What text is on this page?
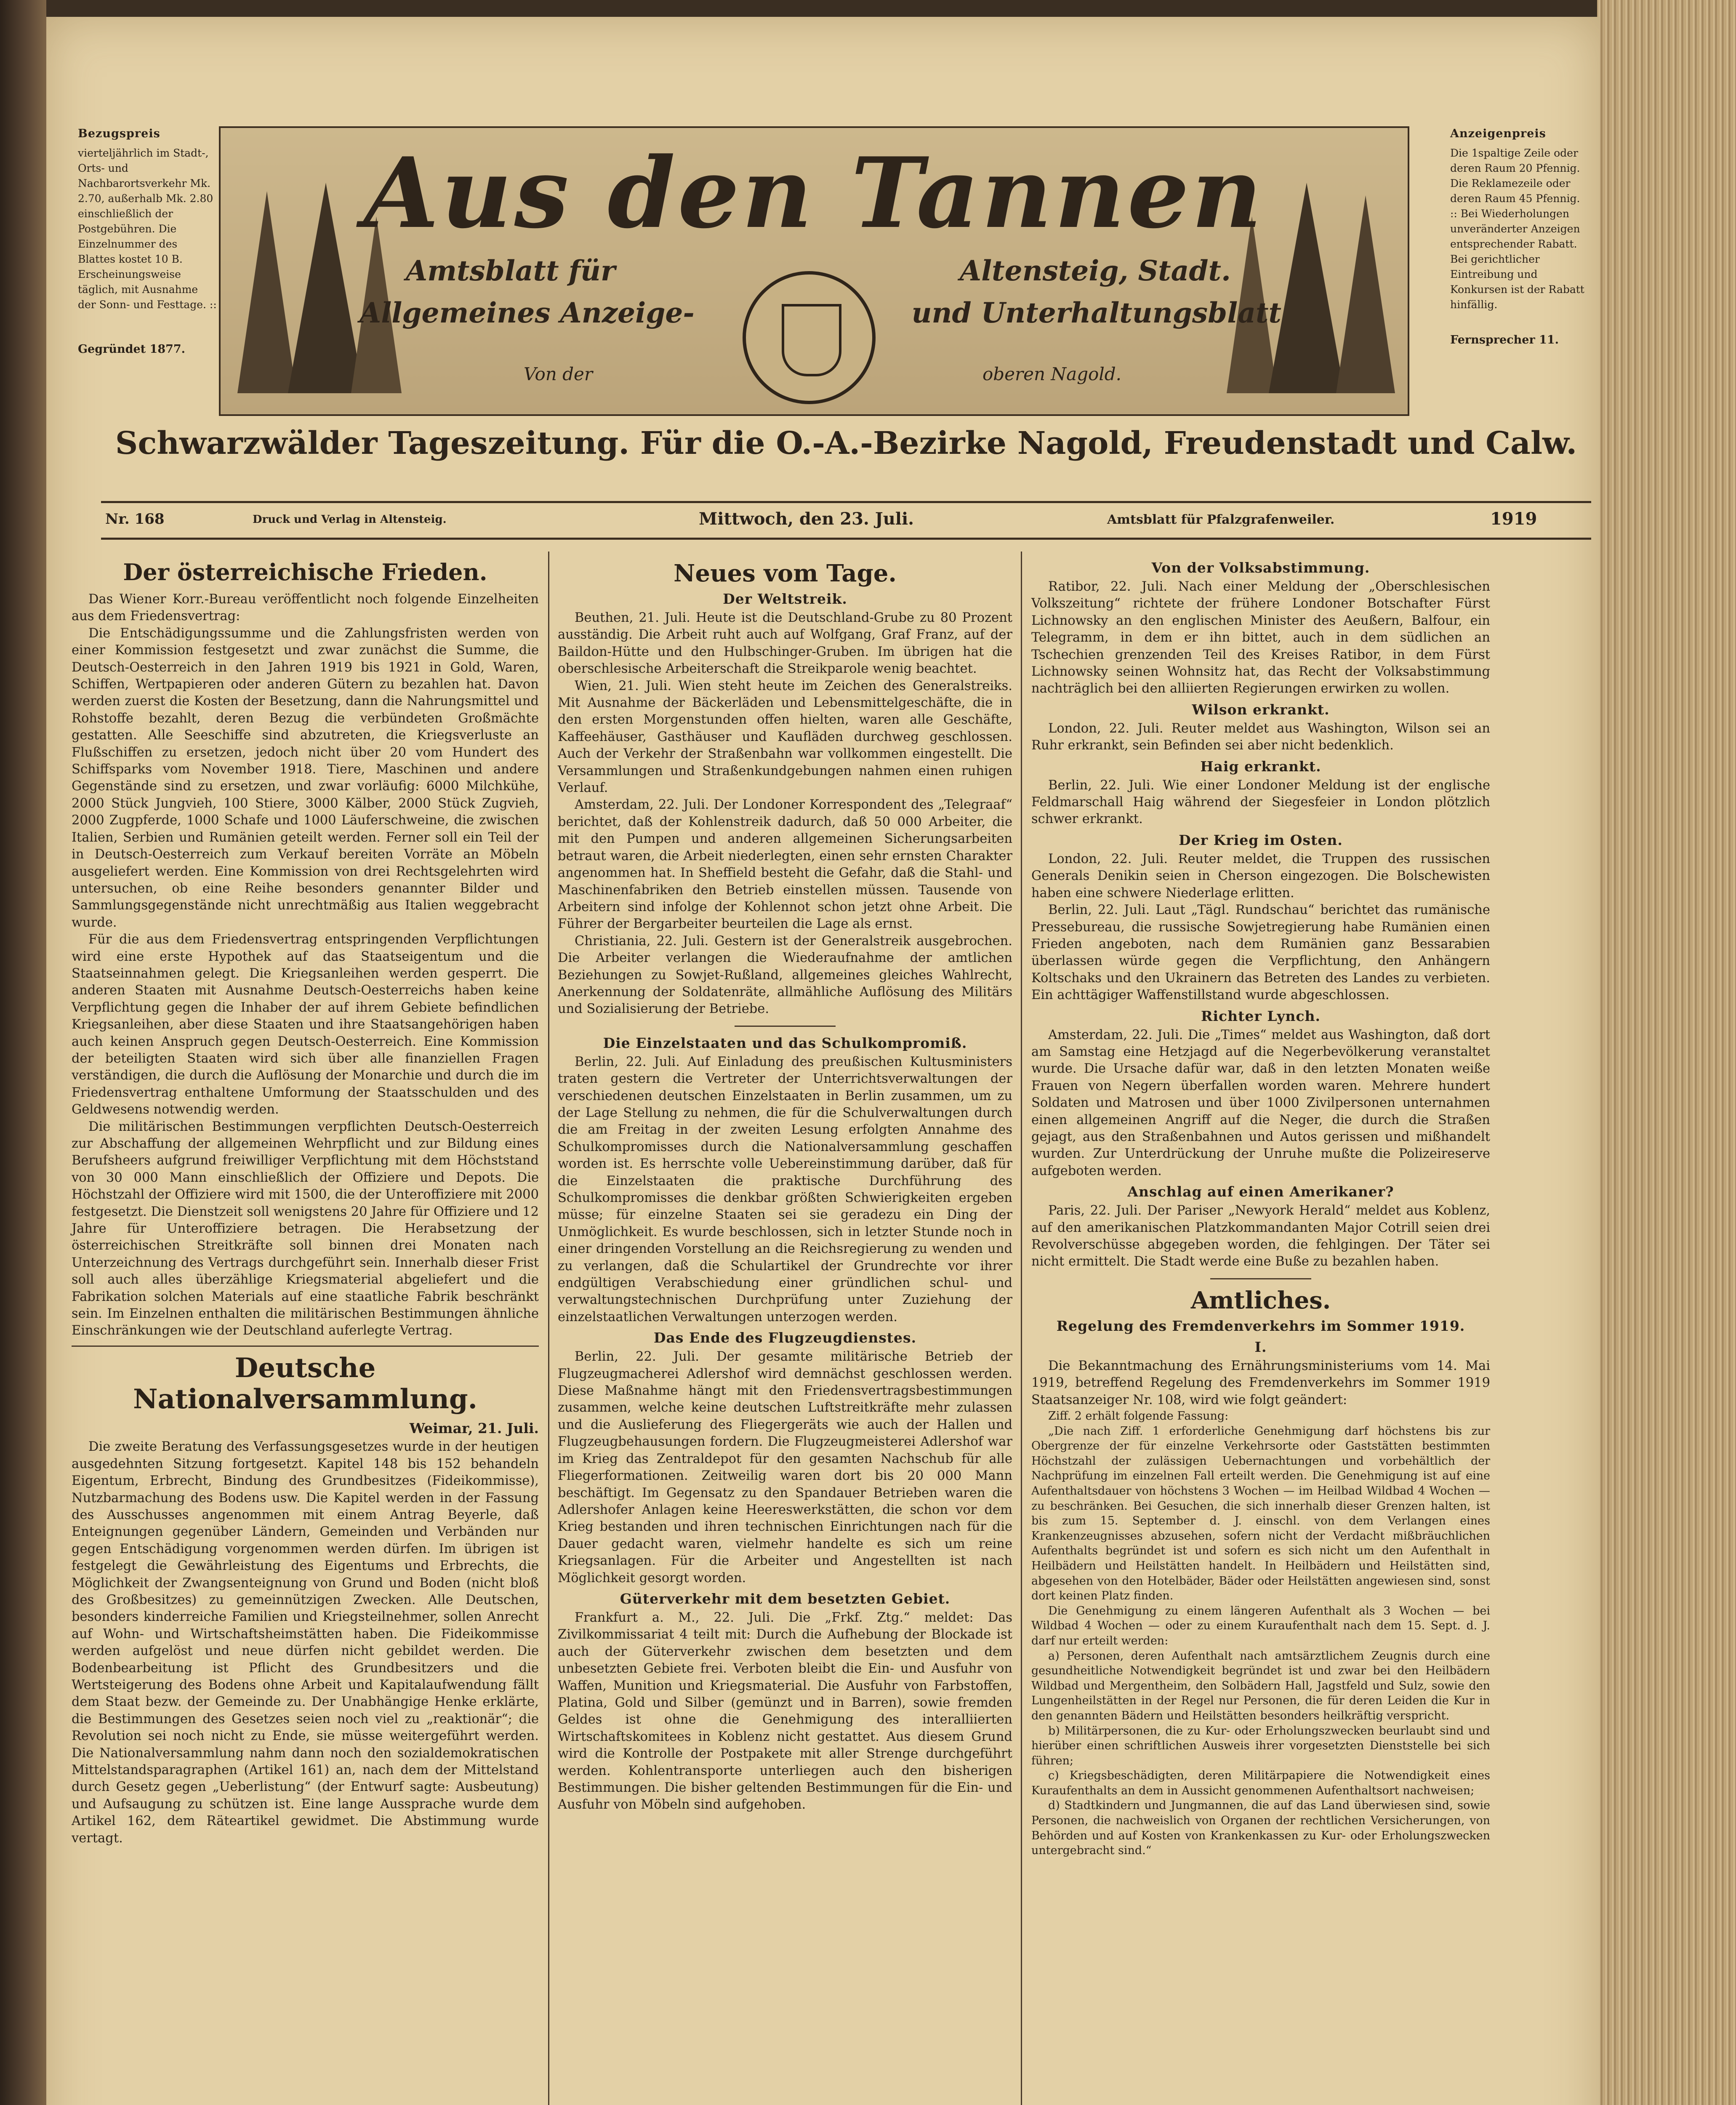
Bezugspreis
vierteljährlich im Stadt-, Orts- und Nachbarortsverkehr Mk. 2.70, außerhalb Mk. 2.80 einschließlich der Postgebühren. Die Einzelnummer des Blattes kostet 10 B. Erscheinungsweise täglich, mit Ausnahme der Sonn- und Festtage. ::
Gegründet 1877.
Anzeigenpreis
Die 1spaltige Zeile oder deren Raum 20 Pfennig. Die Reklamezeile oder deren Raum 45 Pfennig. :: Bei Wiederholungen unveränderter Anzeigen entsprechender Rabatt. Bei gerichtlicher Eintreibung und Konkursen ist der Rabatt hinfällig.
Fernsprecher 11.
Aus den Tannen
Amtsblatt für	Altensteig, Stadt.
Allgemeines Anzeige-	und Unterhaltungsblatt
Von der	oberen Nagold.
Schwarzwälder Tageszeitung. Für die O.-A.-Bezirke Nagold, Freudenstadt und Calw.
Nr. 168	Druck und Verlag in Altensteig.	Mittwoch, den 23. Juli.	Amtsblatt für Pfalzgrafenweiler.	1919
Der österreichische Frieden.

Das Wiener Korr.-Bureau veröffentlicht noch folgende Einzelheiten aus dem Friedensvertrag:

Die Entschädigungssumme und die Zahlungsfristen werden von einer Kommission festgesetzt und zwar zunächst die Summe, die Deutsch-Oesterreich in den Jahren 1919 bis 1921 in Gold, Waren, Schiffen, Wertpapieren oder anderen Gütern zu bezahlen hat. Davon werden zuerst die Kosten der Besetzung, dann die Nahrungsmittel und Rohstoffe bezahlt, deren Bezug die verbündeten Großmächte gestatten. Alle Seeschiffe sind abzutreten, die Kriegsverluste an Flußschiffen zu ersetzen, jedoch nicht über 20 vom Hundert des Schiffsparks vom November 1918. Tiere, Maschinen und andere Gegenstände sind zu ersetzen, und zwar vorläufig: 6000 Milchkühe, 2000 Stück Jungvieh, 100 Stiere, 3000 Kälber, 2000 Stück Zugvieh, 2000 Zugpferde, 1000 Schafe und 1000 Läuferschweine, die zwischen Italien, Serbien und Rumänien geteilt werden. Ferner soll ein Teil der in Deutsch-Oesterreich zum Verkauf bereiten Vorräte an Möbeln ausgeliefert werden. Eine Kommission von drei Rechtsgelehrten wird untersuchen, ob eine Reihe besonders genannter Bilder und Sammlungsgegenstände nicht unrechtmäßig aus Italien weggebracht wurde.

Für die aus dem Friedensvertrag entspringenden Verpflichtungen wird eine erste Hypothek auf das Staatseigentum und die Staatseinnahmen gelegt. Die Kriegsanleihen werden gesperrt. Die anderen Staaten mit Ausnahme Deutsch-Oesterreichs haben keine Verpflichtung gegen die Inhaber der auf ihrem Gebiete befindlichen Kriegsanleihen, aber diese Staaten und ihre Staatsangehörigen haben auch keinen Anspruch gegen Deutsch-Oesterreich. Eine Kommission der beteiligten Staaten wird sich über alle finanziellen Fragen verständigen, die durch die Auflösung der Monarchie und durch die im Friedensvertrag enthaltene Umformung der Staatsschulden und des Geldwesens notwendig werden.

Die militärischen Bestimmungen verpflichten Deutsch-Oesterreich zur Abschaffung der allgemeinen Wehrpflicht und zur Bildung eines Berufsheers aufgrund freiwilliger Verpflichtung mit dem Höchststand von 30 000 Mann einschließlich der Offiziere und Depots. Die Höchstzahl der Offiziere wird mit 1500, die der Unteroffiziere mit 2000 festgesetzt. Die Dienstzeit soll wenigstens 20 Jahre für Offiziere und 12 Jahre für Unteroffiziere betragen. Die Herabsetzung der österreichischen Streitkräfte soll binnen drei Monaten nach Unterzeichnung des Vertrags durchgeführt sein. Innerhalb dieser Frist soll auch alles überzählige Kriegsmaterial abgeliefert und die Fabrikation solchen Materials auf eine staatliche Fabrik beschränkt sein. Im Einzelnen enthalten die militärischen Bestimmungen ähnliche Einschränkungen wie der Deutschland auferlegte Vertrag.

Deutsche Nationalversammlung.
Weimar, 21. Juli.

Die zweite Beratung des Verfassungsgesetzes wurde in der heutigen ausgedehnten Sitzung fortgesetzt. Kapitel 148 bis 152 behandeln Eigentum, Erbrecht, Bindung des Grundbesitzes (Fideikommisse), Nutzbarmachung des Bodens usw. Die Kapitel werden in der Fassung des Ausschusses angenommen mit einem Antrag Beyerle, daß Enteignungen gegenüber Ländern, Gemeinden und Verbänden nur gegen Entschädigung vorgenommen werden dürfen. Im übrigen ist festgelegt die Gewährleistung des Eigentums und Erbrechts, die Möglichkeit der Zwangsenteignung von Grund und Boden (nicht bloß des Großbesitzes) zu gemeinnützigen Zwecken. Alle Deutschen, besonders kinderreiche Familien und Kriegsteilnehmer, sollen Anrecht auf Wohn- und Wirtschaftsheimstätten haben. Die Fideikommisse werden aufgelöst und neue dürfen nicht gebildet werden. Die Bodenbearbeitung ist Pflicht des Grundbesitzers und die Wertsteigerung des Bodens ohne Arbeit und Kapitalaufwendung fällt dem Staat bezw. der Gemeinde zu. Der Unabhängige Henke erklärte, die Bestimmungen des Gesetzes seien noch viel zu „reaktionär“; die Revolution sei noch nicht zu Ende, sie müsse weitergeführt werden. Die Nationalversammlung nahm dann noch den sozialdemokratischen Mittelstandsparagraphen (Artikel 161) an, nach dem der Mittelstand durch Gesetz gegen „Ueberlistung“ (der Entwurf sagte: Ausbeutung) und Aufsaugung zu schützen ist. Eine lange Aussprache wurde dem Artikel 162, dem Räteartikel gewidmet. Die Abstimmung wurde vertagt.

Neues vom Tage.
Der Weltstreik.

Beuthen, 21. Juli. Heute ist die Deutschland-Grube zu 80 Prozent ausständig. Die Arbeit ruht auch auf Wolfgang, Graf Franz, auf der Baildon-Hütte und den Hulbschinger-Gruben. Im übrigen hat die oberschlesische Arbeiterschaft die Streikparole wenig beachtet.

Wien, 21. Juli. Wien steht heute im Zeichen des Generalstreiks. Mit Ausnahme der Bäckerläden und Lebensmittelgeschäfte, die in den ersten Morgenstunden offen hielten, waren alle Geschäfte, Kaffeehäuser, Gasthäuser und Kaufläden durchweg geschlossen. Auch der Verkehr der Straßenbahn war vollkommen eingestellt. Die Versammlungen und Straßenkundgebungen nahmen einen ruhigen Verlauf.

Amsterdam, 22. Juli. Der Londoner Korrespondent des „Telegraaf“ berichtet, daß der Kohlenstreik dadurch, daß 50 000 Arbeiter, die mit den Pumpen und anderen allgemeinen Sicherungsarbeiten betraut waren, die Arbeit niederlegten, einen sehr ernsten Charakter angenommen hat. In Sheffield besteht die Gefahr, daß die Stahl- und Maschinenfabriken den Betrieb einstellen müssen. Tausende von Arbeitern sind infolge der Kohlennot schon jetzt ohne Arbeit. Die Führer der Bergarbeiter beurteilen die Lage als ernst.

Christiania, 22. Juli. Gestern ist der Generalstreik ausgebrochen. Die Arbeiter verlangen die Wiederaufnahme der amtlichen Beziehungen zu Sowjet-Rußland, allgemeines gleiches Wahlrecht, Anerkennung der Soldatenräte, allmähliche Auflösung des Militärs und Sozialisierung der Betriebe.

Die Einzelstaaten und das Schulkompromiß.

Berlin, 22. Juli. Auf Einladung des preußischen Kultusministers traten gestern die Vertreter der Unterrichtsverwaltungen der verschiedenen deutschen Einzelstaaten in Berlin zusammen, um zu der Lage Stellung zu nehmen, die für die Schulverwaltungen durch die am Freitag in der zweiten Lesung erfolgten Annahme des Schulkompromisses durch die Nationalversammlung geschaffen worden ist. Es herrschte volle Uebereinstimmung darüber, daß für die Einzelstaaten die praktische Durchführung des Schulkompromisses die denkbar größten Schwierigkeiten ergeben müsse; für einzelne Staaten sei sie geradezu ein Ding der Unmöglichkeit. Es wurde beschlossen, sich in letzter Stunde noch in einer dringenden Vorstellung an die Reichsregierung zu wenden und zu verlangen, daß die Schulartikel der Grundrechte vor ihrer endgültigen Verabschiedung einer gründlichen schul- und verwaltungstechnischen Durchprüfung unter Zuziehung der einzelstaatlichen Verwaltungen unterzogen werden.

Das Ende des Flugzeugdienstes.

Berlin, 22. Juli. Der gesamte militärische Betrieb der Flugzeugmacherei Adlershof wird demnächst geschlossen werden. Diese Maßnahme hängt mit den Friedensvertragsbestimmungen zusammen, welche keine deutschen Luftstreitkräfte mehr zulassen und die Auslieferung des Fliegergeräts wie auch der Hallen und Flugzeugbehausungen fordern. Die Flugzeugmeisterei Adlershof war im Krieg das Zentraldepot für den gesamten Nachschub für alle Fliegerformationen. Zeitweilig waren dort bis 20 000 Mann beschäftigt. Im Gegensatz zu den Spandauer Betrieben waren die Adlershofer Anlagen keine Heereswerkstätten, die schon vor dem Krieg bestanden und ihren technischen Einrichtungen nach für die Dauer gedacht waren, vielmehr handelte es sich um reine Kriegsanlagen. Für die Arbeiter und Angestellten ist nach Möglichkeit gesorgt worden.

Güterverkehr mit dem besetzten Gebiet.

Frankfurt a. M., 22. Juli. Die „Frkf. Ztg.“ meldet: Das Zivilkommissariat 4 teilt mit: Durch die Aufhebung der Blockade ist auch der Güterverkehr zwischen dem besetzten und dem unbesetzten Gebiete frei. Verboten bleibt die Ein- und Ausfuhr von Waffen, Munition und Kriegsmaterial. Die Ausfuhr von Farbstoffen, Platina, Gold und Silber (gemünzt und in Barren), sowie fremden Geldes ist ohne die Genehmigung des interalliierten Wirtschaftskomitees in Koblenz nicht gestattet. Aus diesem Grund wird die Kontrolle der Postpakete mit aller Strenge durchgeführt werden. Kohlentransporte unterliegen auch den bisherigen Bestimmungen. Die bisher geltenden Bestimmungen für die Ein- und Ausfuhr von Möbeln sind aufgehoben.

Von der Volksabstimmung.

Ratibor, 22. Juli. Nach einer Meldung der „Oberschlesischen Volkszeitung“ richtete der frühere Londoner Botschafter Fürst Lichnowsky an den englischen Minister des Aeußern, Balfour, ein Telegramm, in dem er ihn bittet, auch in dem südlichen an Tschechien grenzenden Teil des Kreises Ratibor, in dem Fürst Lichnowsky seinen Wohnsitz hat, das Recht der Volksabstimmung nachträglich bei den alliierten Regierungen erwirken zu wollen.

Wilson erkrankt.

London, 22. Juli. Reuter meldet aus Washington, Wilson sei an Ruhr erkrankt, sein Befinden sei aber nicht bedenklich.

Haig erkrankt.

Berlin, 22. Juli. Wie einer Londoner Meldung ist der englische Feldmarschall Haig während der Siegesfeier in London plötzlich schwer erkrankt.

Der Krieg im Osten.

London, 22. Juli. Reuter meldet, die Truppen des russischen Generals Denikin seien in Cherson eingezogen. Die Bolschewisten haben eine schwere Niederlage erlitten.

Berlin, 22. Juli. Laut „Tägl. Rundschau“ berichtet das rumänische Pressebureau, die russische Sowjetregierung habe Rumänien einen Frieden angeboten, nach dem Rumänien ganz Bessarabien überlassen würde gegen die Verpflichtung, den Anhängern Koltschaks und den Ukrainern das Betreten des Landes zu verbieten. Ein achttägiger Waffenstillstand wurde abgeschlossen.

Richter Lynch.

Amsterdam, 22. Juli. Die „Times“ meldet aus Washington, daß dort am Samstag eine Hetzjagd auf die Negerbevölkerung veranstaltet wurde. Die Ursache dafür war, daß in den letzten Monaten weiße Frauen von Negern überfallen worden waren. Mehrere hundert Soldaten und Matrosen und über 1000 Zivilpersonen unternahmen einen allgemeinen Angriff auf die Neger, die durch die Straßen gejagt, aus den Straßenbahnen und Autos gerissen und mißhandelt wurden. Zur Unterdrückung der Unruhe mußte die Polizeireserve aufgeboten werden.

Anschlag auf einen Amerikaner?

Paris, 22. Juli. Der Pariser „Newyork Herald“ meldet aus Koblenz, auf den amerikanischen Platzkommandanten Major Cotrill seien drei Revolverschüsse abgegeben worden, die fehlgingen. Der Täter sei nicht ermittelt. Die Stadt werde eine Buße zu bezahlen haben.

Amtliches.
Regelung des Fremdenverkehrs im Sommer 1919.
I.

Die Bekanntmachung des Ernährungsministeriums vom 14. Mai 1919, betreffend Regelung des Fremdenverkehrs im Sommer 1919 Staatsanzeiger Nr. 108, wird wie folgt geändert:

Ziff. 2 erhält folgende Fassung:

„Die nach Ziff. 1 erforderliche Genehmigung darf höchstens bis zur Obergrenze der für einzelne Verkehrsorte oder Gaststätten bestimmten Höchstzahl der zulässigen Uebernachtungen und vorbehältlich der Nachprüfung im einzelnen Fall erteilt werden. Die Genehmigung ist auf eine Aufenthaltsdauer von höchstens 3 Wochen — im Heilbad Wildbad 4 Wochen — zu beschränken. Bei Gesuchen, die sich innerhalb dieser Grenzen halten, ist bis zum 15. September d. J. einschl. von dem Verlangen eines Krankenzeugnisses abzusehen, sofern nicht der Verdacht mißbräuchlichen Aufenthalts begründet ist und sofern es sich nicht um den Aufenthalt in Heilbädern und Heilstätten handelt. In Heilbädern und Heilstätten sind, abgesehen von den Hotelbäder, Bäder oder Heilstätten angewiesen sind, sonst dort keinen Platz finden.

Die Genehmigung zu einem längeren Aufenthalt als 3 Wochen — bei Wildbad 4 Wochen — oder zu einem Kuraufenthalt nach dem 15. Sept. d. J. darf nur erteilt werden:

a) Personen, deren Aufenthalt nach amtsärztlichem Zeugnis durch eine gesundheitliche Notwendigkeit begründet ist und zwar bei den Heilbädern Wildbad und Mergentheim, den Solbädern Hall, Jagstfeld und Sulz, sowie den Lungenheilstätten in der Regel nur Personen, die für deren Leiden die Kur in den genannten Bädern und Heilstätten besonders heilkräftig verspricht.

b) Militärpersonen, die zu Kur- oder Erholungszwecken beurlaubt sind und hierüber einen schriftlichen Ausweis ihrer vorgesetzten Dienststelle bei sich führen;

c) Kriegsbeschädigten, deren Militärpapiere die Notwendigkeit eines Kuraufenthalts an dem in Aussicht genommenen Aufenthaltsort nachweisen;

d) Stadtkindern und Jungmannen, die auf das Land überwiesen sind, sowie Personen, die nachweislich von Organen der rechtlichen Versicherungen, von Behörden und auf Kosten von Krankenkassen zu Kur- oder Erholungszwecken untergebracht sind.“
